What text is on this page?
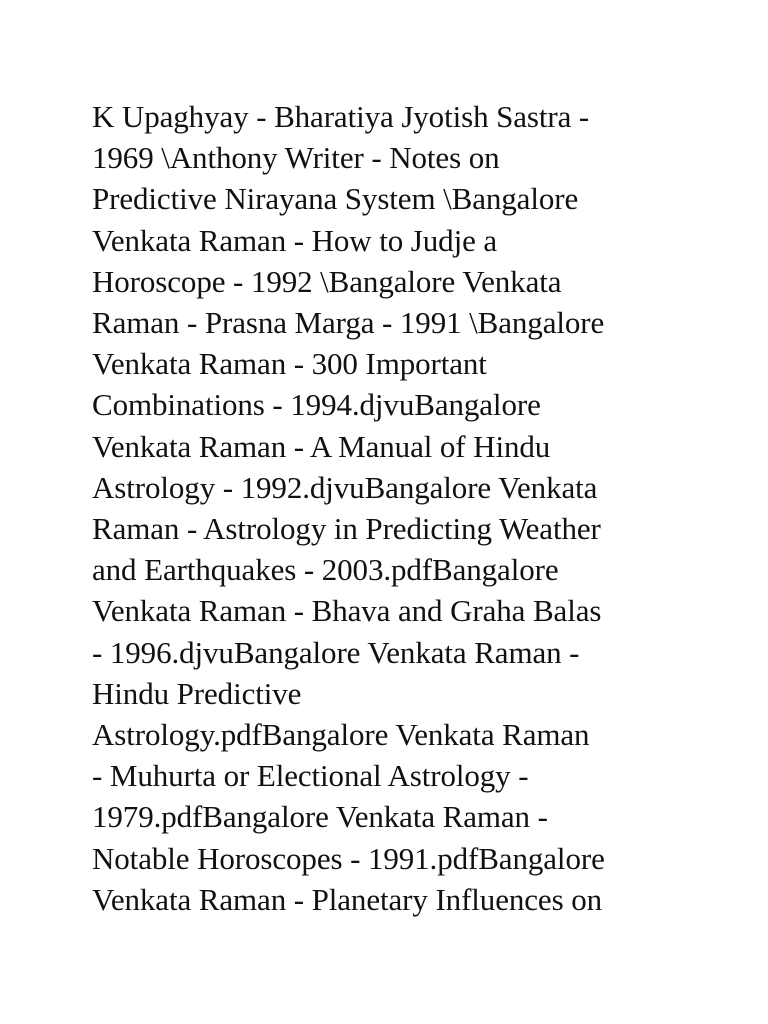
K Upaghyay - Bharatiya Jyotish Sastra -
1969 \Anthony Writer - Notes on
Predictive Nirayana System \Bangalore
Venkata Raman - How to Judje a
Horoscope - 1992 \Bangalore Venkata
Raman - Prasna Marga - 1991 \Bangalore
Venkata Raman - 300 Important
Combinations - 1994.djvuBangalore
Venkata Raman - A Manual of Hindu
Astrology - 1992.djvuBangalore Venkata
Raman - Astrology in Predicting Weather
and Earthquakes - 2003.pdfBangalore
Venkata Raman - Bhava and Graha Balas
- 1996.djvuBangalore Venkata Raman -
Hindu Predictive
Astrology.pdfBangalore Venkata Raman
- Muhurta or Electional Astrology -
1979.pdfBangalore Venkata Raman -
Notable Horoscopes - 1991.pdfBangalore
Venkata Raman - Planetary Influences on
